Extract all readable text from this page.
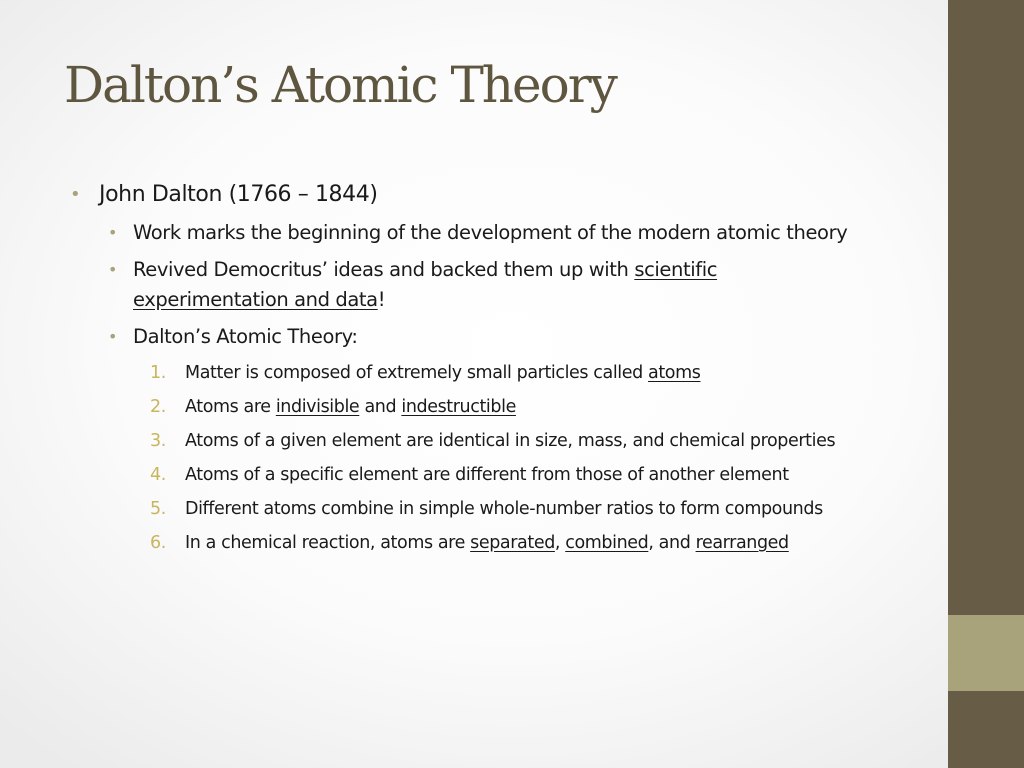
Dalton’s Atomic Theory
• John Dalton (1766 – 1844)
• Work marks the beginning of the development of the modern atomic theory
• Revived Democritus’ ideas and backed them up with scientific experimentation and data!
• Dalton’s Atomic Theory:
1. Matter is composed of extremely small particles called atoms
2. Atoms are indivisible and indestructible
3. Atoms of a given element are identical in size, mass, and chemical properties
4. Atoms of a specific element are different from those of another element
5. Different atoms combine in simple whole-number ratios to form compounds
6. In a chemical reaction, atoms are separated, combined, and rearranged
